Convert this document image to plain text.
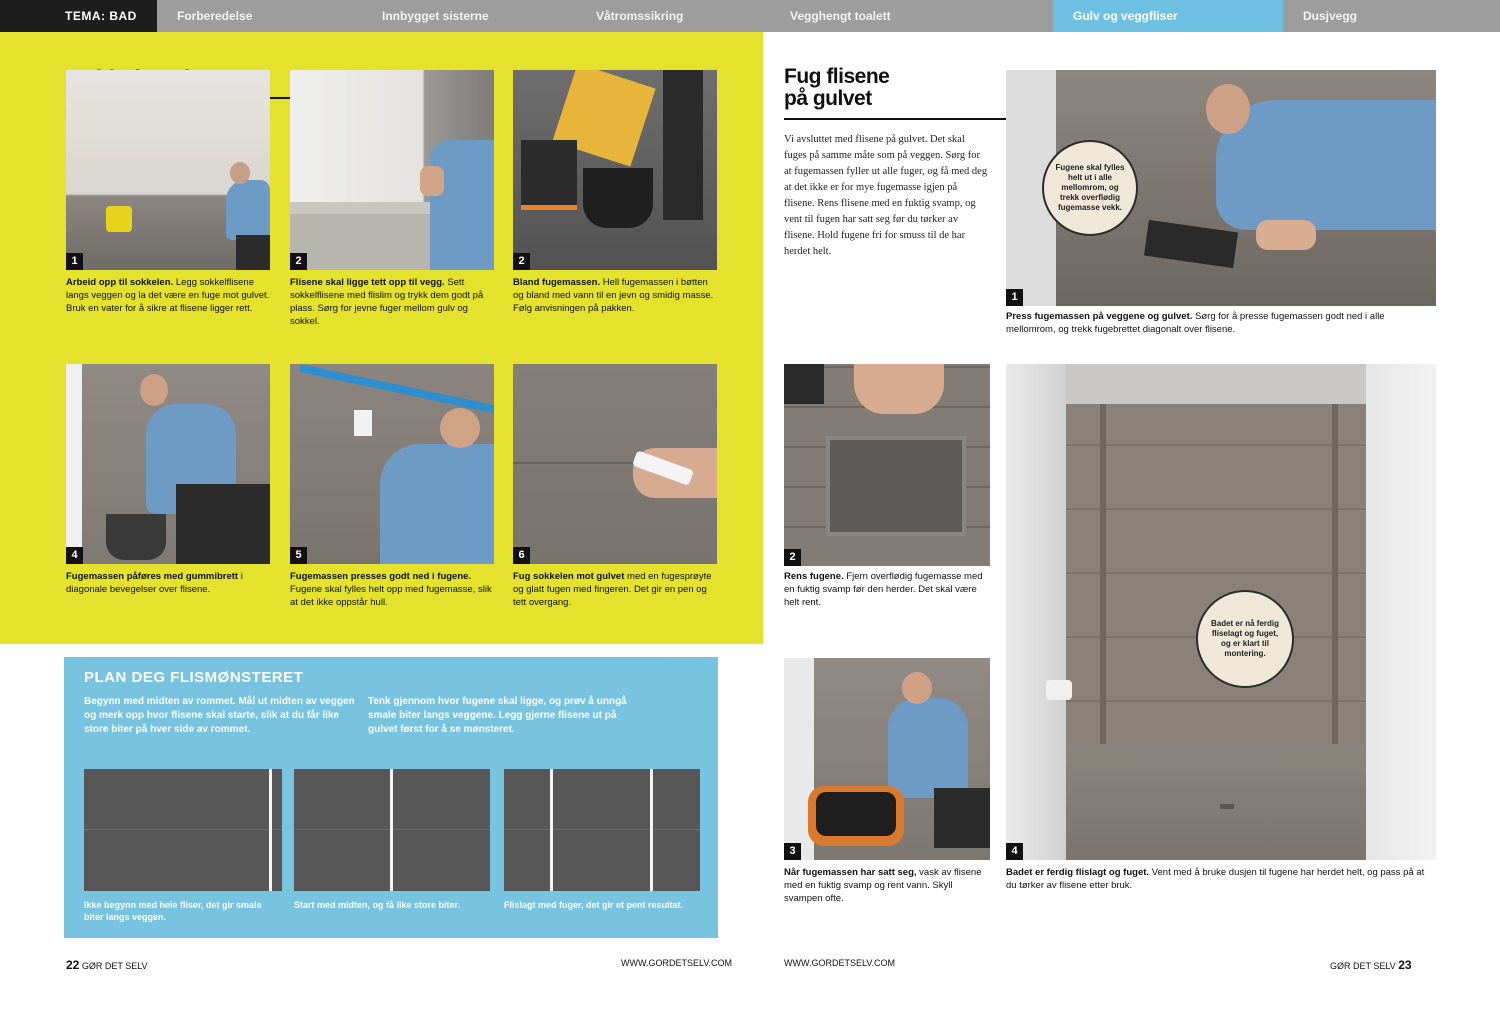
TEMA: BAD	Forberedelse	Innbygget sisterne	Våtromssikring	Vegghengt toalett	Gulv og veggfliser	Dusjvegg
1	2	2
Arbeid opp til sokkelen. Legg sokkelflisene langs veggen og la det være en fuge mot gulvet. Bruk en vater for å sikre at flisene ligger rett.
Flisene skal ligge tett opp til vegg. Sett sokkelflisene med flislim og trykk dem godt på plass. Sørg for jevne fuger mellom gulv og sokkel.
Bland fugemassen. Hell fugemassen i bøtten og bland med vann til en jevn og smidig masse. Følg anvisningen på pakken.
4	5	6
Fugemassen påføres med gummibrett i diagonale bevegelser over flisene.
Fugemassen presses godt ned i fugene. Fugene skal fylles helt opp med fugemasse, slik at det ikke oppstår hull.
Fug sokkelen mot gulvet med en fugesprøyte og glatt fugen med fingeren. Det gir en pen og tett overgang.
PLAN DEG FLISMØNSTERET
Begynn med midten av rommet. Mål ut midten av veggen og merk opp hvor flisene skal starte, slik at du får like store biter på hver side av rommet.
Tenk gjennom hvor fugene skal ligge, og prøv å unngå smale biter langs veggene. Legg gjerne flisene ut på gulvet først for å se mønsteret.
Ikke begynn med hele fliser, det gir smale biter langs veggen.
Start med midten, og få like store biter.	Flislagt med fuger, det gir et pent resultat.
22 GØR DET SELV	WWW.GORDETSELV.COM
Fug flisene
på gulvet
Vi avsluttet med flisene på gulvet. Det skal fuges på samme måte som på veggen. Sørg for at fugemassen fyller ut alle fuger, og få med deg at det ikke er for mye fugemasse igjen på flisene. Rens flisene med en fuktig svamp, og vent til fugen har satt seg før du tørker av flisene. Hold fugene fri for smuss til de har herdet helt.
1
Fugene skal fylles helt ut i alle mellomrom, og trekk overflødig fugemasse vekk.
Press fugemassen på veggene og gulvet. Sørg for å presse fugemassen godt ned i alle mellomrom, og trekk fugebrettet diagonalt over flisene.
2
Rens fugene. Fjern overflødig fugemasse med en fuktig svamp før den herder. Det skal være helt rent.
3
Når fugemassen har satt seg, vask av flisene med en fuktig svamp og rent vann. Skyll svampen ofte.
4
Badet er nå ferdig fliselagt og fuget, og er klart til montering.
Badet er ferdig flislagt og fuget. Vent med å bruke dusjen til fugene har herdet helt, og pass på at du tørker av flisene etter bruk.
WWW.GORDETSELV.COM	GØR DET SELV 23
